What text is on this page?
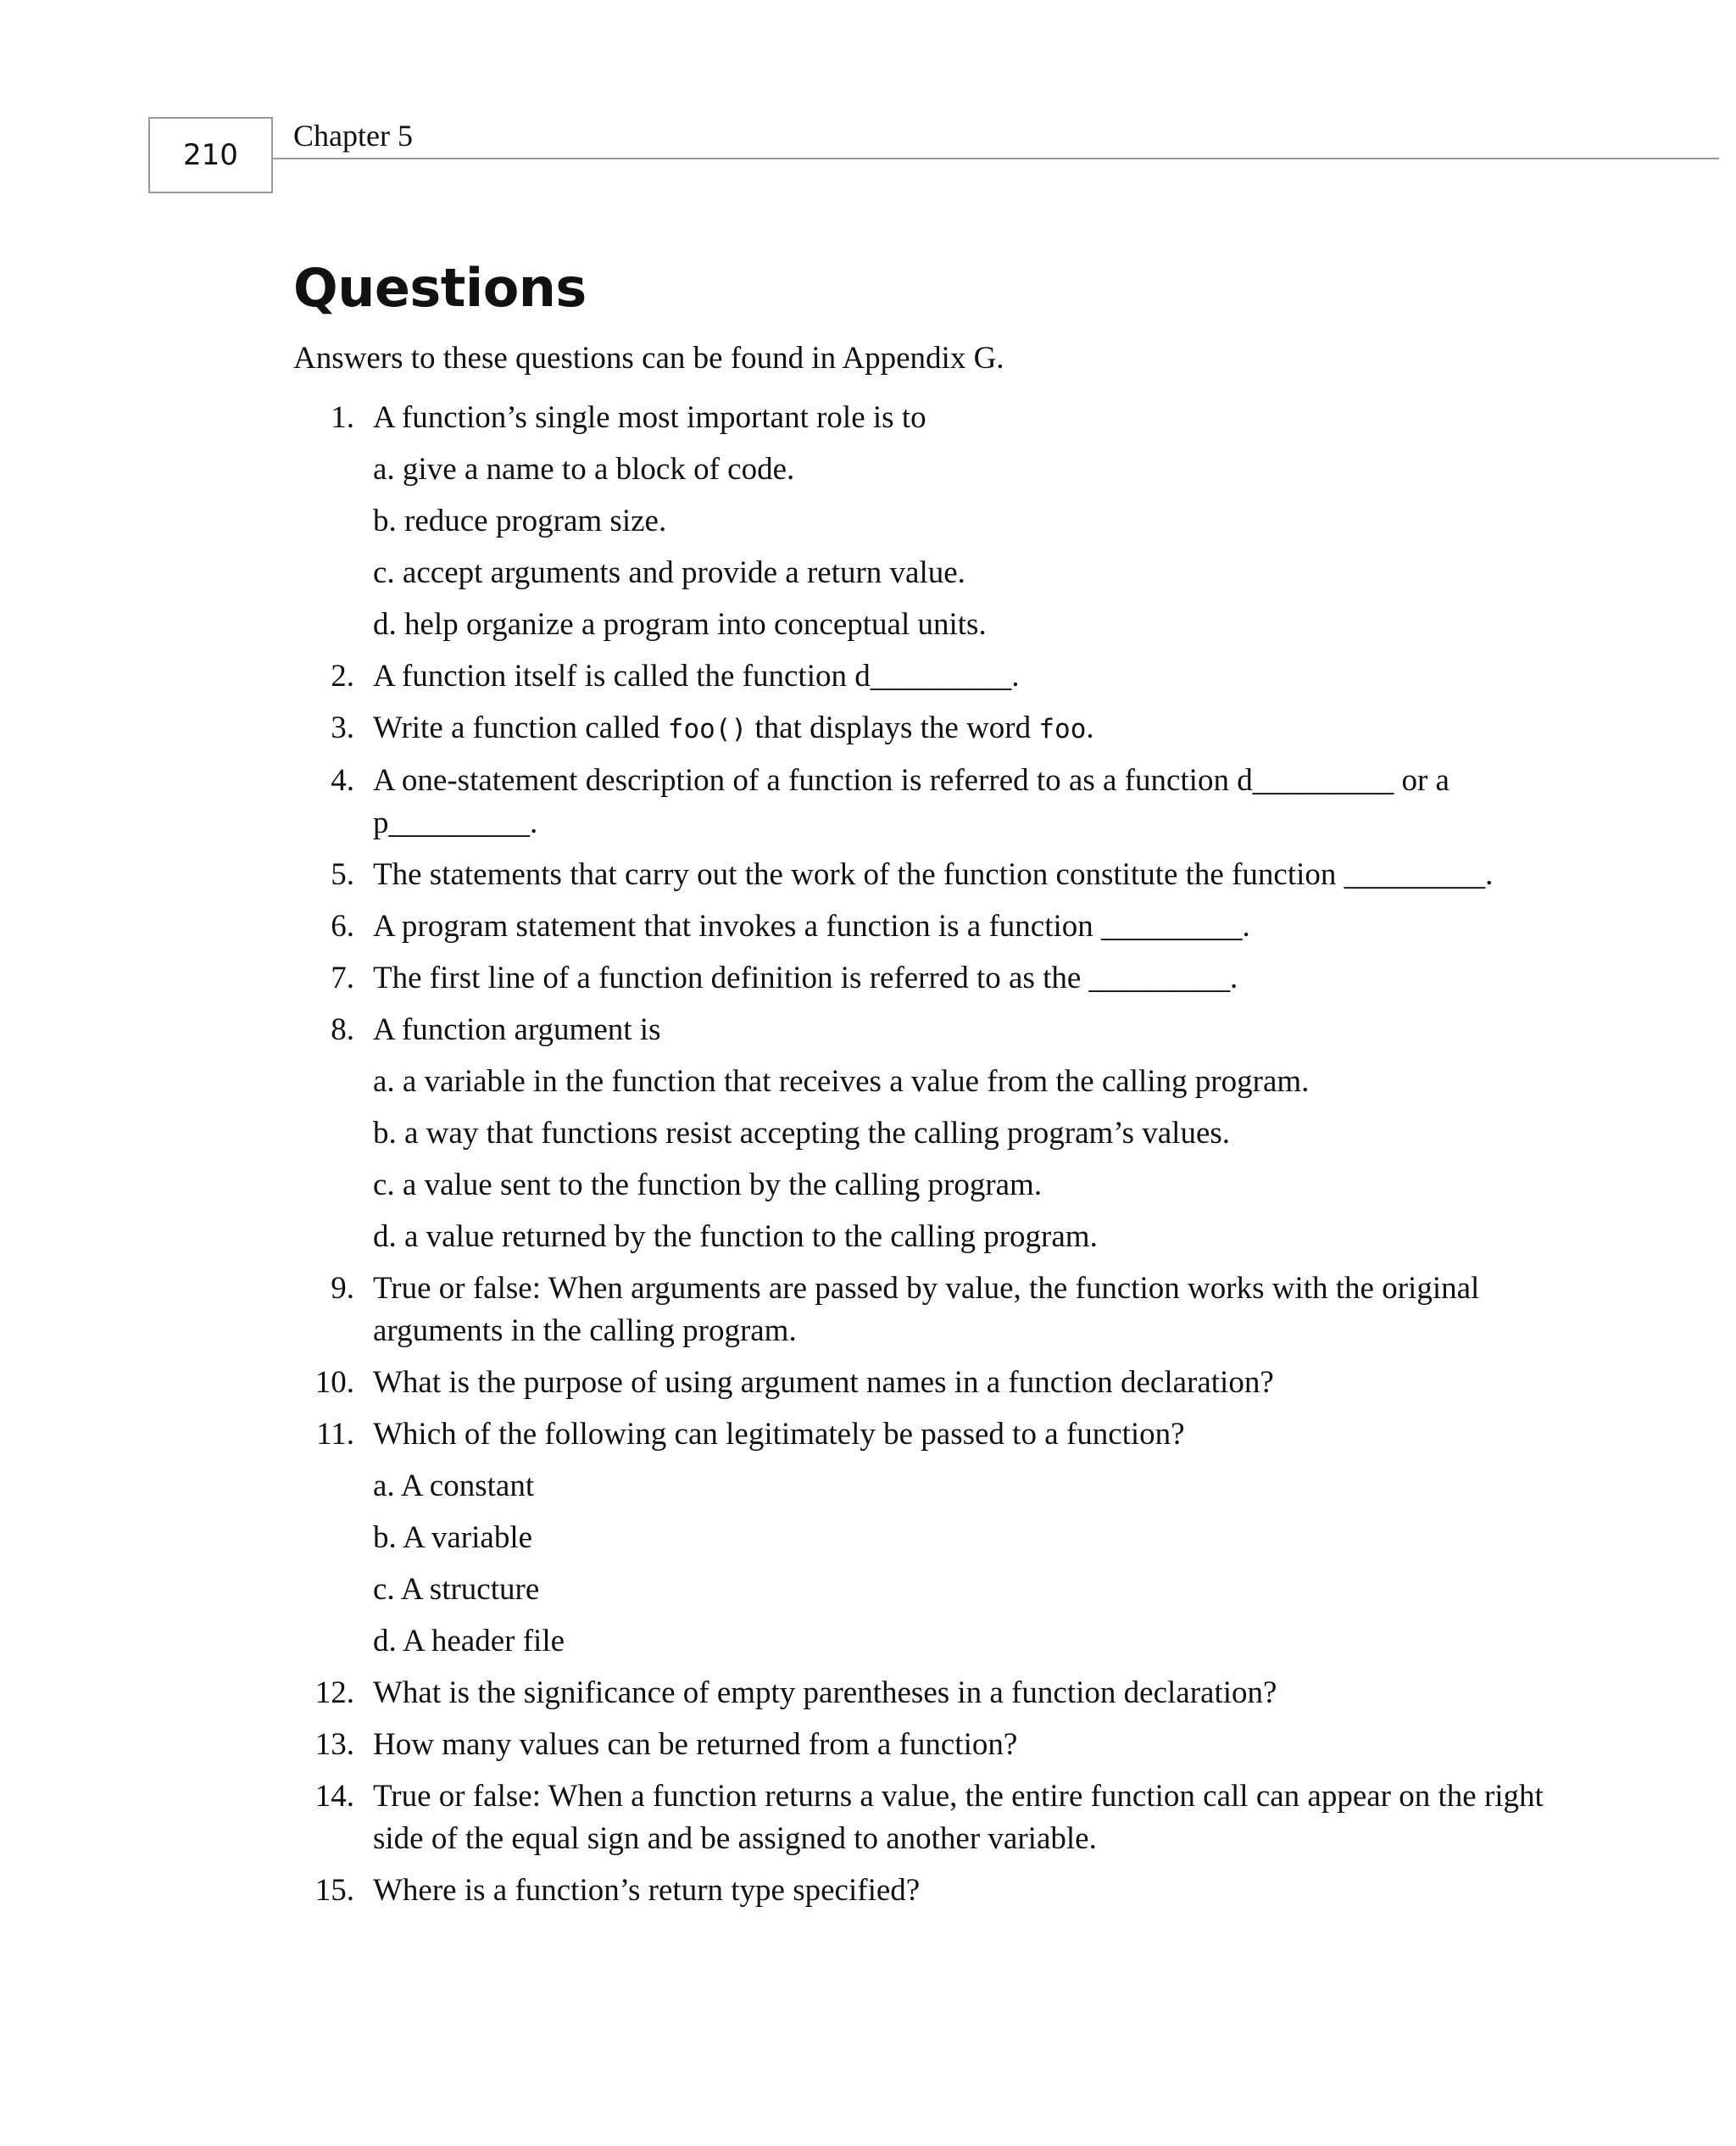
210
Chapter 5
Questions
Answers to these questions can be found in Appendix G.
1. A function’s single most important role is to
a. give a name to a block of code.
b. reduce program size.
c. accept arguments and provide a return value.
d. help organize a program into conceptual units.
2. A function itself is called the function d_________.
3. Write a function called foo() that displays the word foo.
4. A one-statement description of a function is referred to as a function d_________ or a p_________.
5. The statements that carry out the work of the function constitute the function _________.
6. A program statement that invokes a function is a function _________.
7. The first line of a function definition is referred to as the _________.
8. A function argument is
a. a variable in the function that receives a value from the calling program.
b. a way that functions resist accepting the calling program’s values.
c. a value sent to the function by the calling program.
d. a value returned by the function to the calling program.
9. True or false: When arguments are passed by value, the function works with the original arguments in the calling program.
10. What is the purpose of using argument names in a function declaration?
11. Which of the following can legitimately be passed to a function?
a. A constant
b. A variable
c. A structure
d. A header file
12. What is the significance of empty parentheses in a function declaration?
13. How many values can be returned from a function?
14. True or false: When a function returns a value, the entire function call can appear on the right side of the equal sign and be assigned to another variable.
15. Where is a function’s return type specified?
